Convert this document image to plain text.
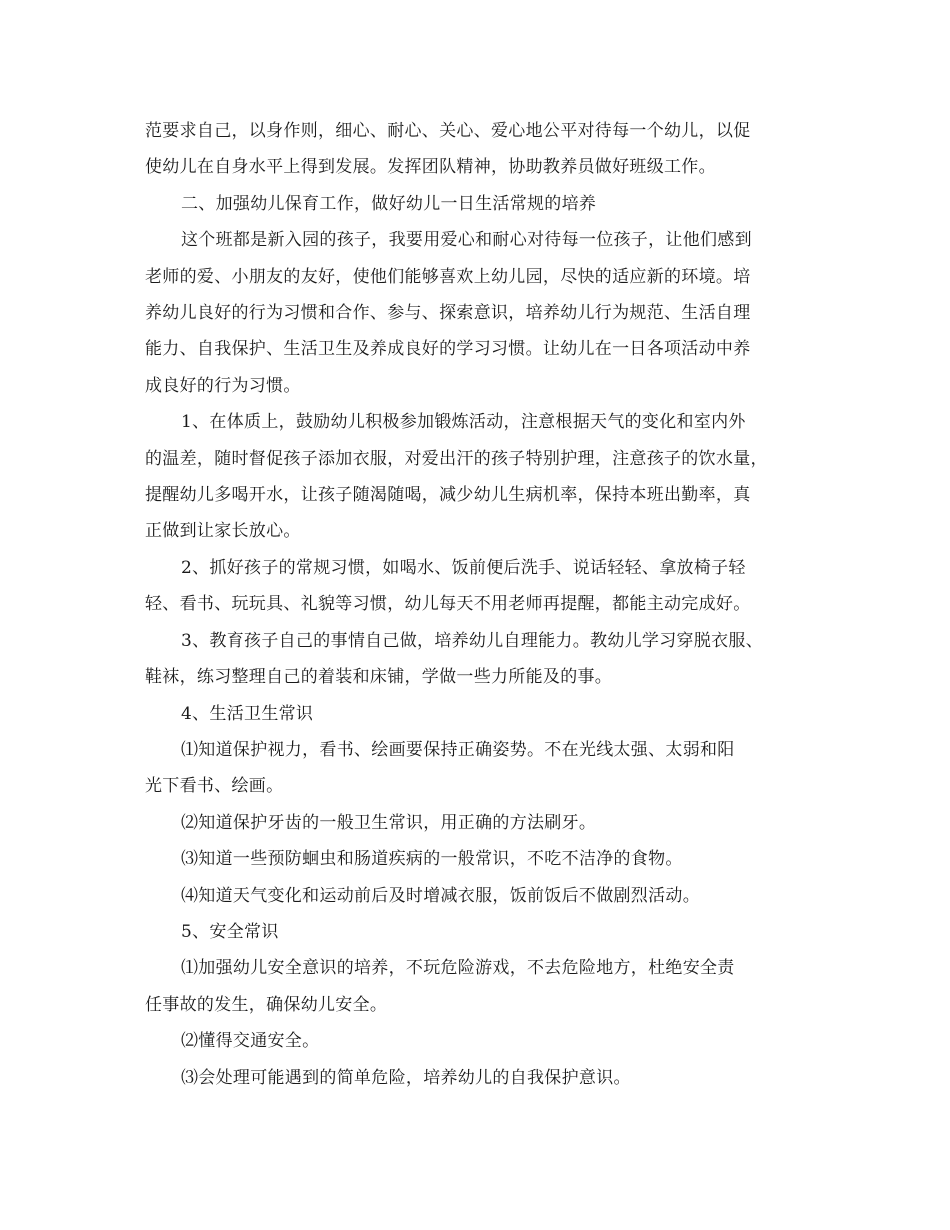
范要求自己，以身作则，细心、耐心、关心、爱心地公平对待每一个幼儿，以促
使幼儿在自身水平上得到发展。发挥团队精神，协助教养员做好班级工作。

二、加强幼儿保育工作，做好幼儿一日生活常规的培养

这个班都是新入园的孩子，我要用爱心和耐心对待每一位孩子，让他们感到
老师的爱、小朋友的友好，使他们能够喜欢上幼儿园，尽快的适应新的环境。培
养幼儿良好的行为习惯和合作、参与、探索意识，培养幼儿行为规范、生活自理
能力、自我保护、生活卫生及养成良好的学习习惯。让幼儿在一日各项活动中养
成良好的行为习惯。

1、在体质上，鼓励幼儿积极参加锻炼活动，注意根据天气的变化和室内外
的温差，随时督促孩子添加衣服，对爱出汗的孩子特别护理，注意孩子的饮水量，
提醒幼儿多喝开水，让孩子随渴随喝，减少幼儿生病机率，保持本班出勤率，真
正做到让家长放心。

2、抓好孩子的常规习惯，如喝水、饭前便后洗手、说话轻轻、拿放椅子轻
轻、看书、玩玩具、礼貌等习惯，幼儿每天不用老师再提醒，都能主动完成好。

3、教育孩子自己的事情自己做，培养幼儿自理能力。教幼儿学习穿脱衣服、
鞋袜，练习整理自己的着装和床铺，学做一些力所能及的事。

4、生活卫生常识

⑴知道保护视力，看书、绘画要保持正确姿势。不在光线太强、太弱和阳
光下看书、绘画。

⑵知道保护牙齿的一般卫生常识，用正确的方法刷牙。

⑶知道一些预防蛔虫和肠道疾病的一般常识，不吃不洁净的食物。

⑷知道天气变化和运动前后及时增减衣服，饭前饭后不做剧烈活动。

5、安全常识

⑴加强幼儿安全意识的培养，不玩危险游戏，不去危险地方，杜绝安全责
任事故的发生，确保幼儿安全。

⑵懂得交通安全。

⑶会处理可能遇到的简单危险，培养幼儿的自我保护意识。
